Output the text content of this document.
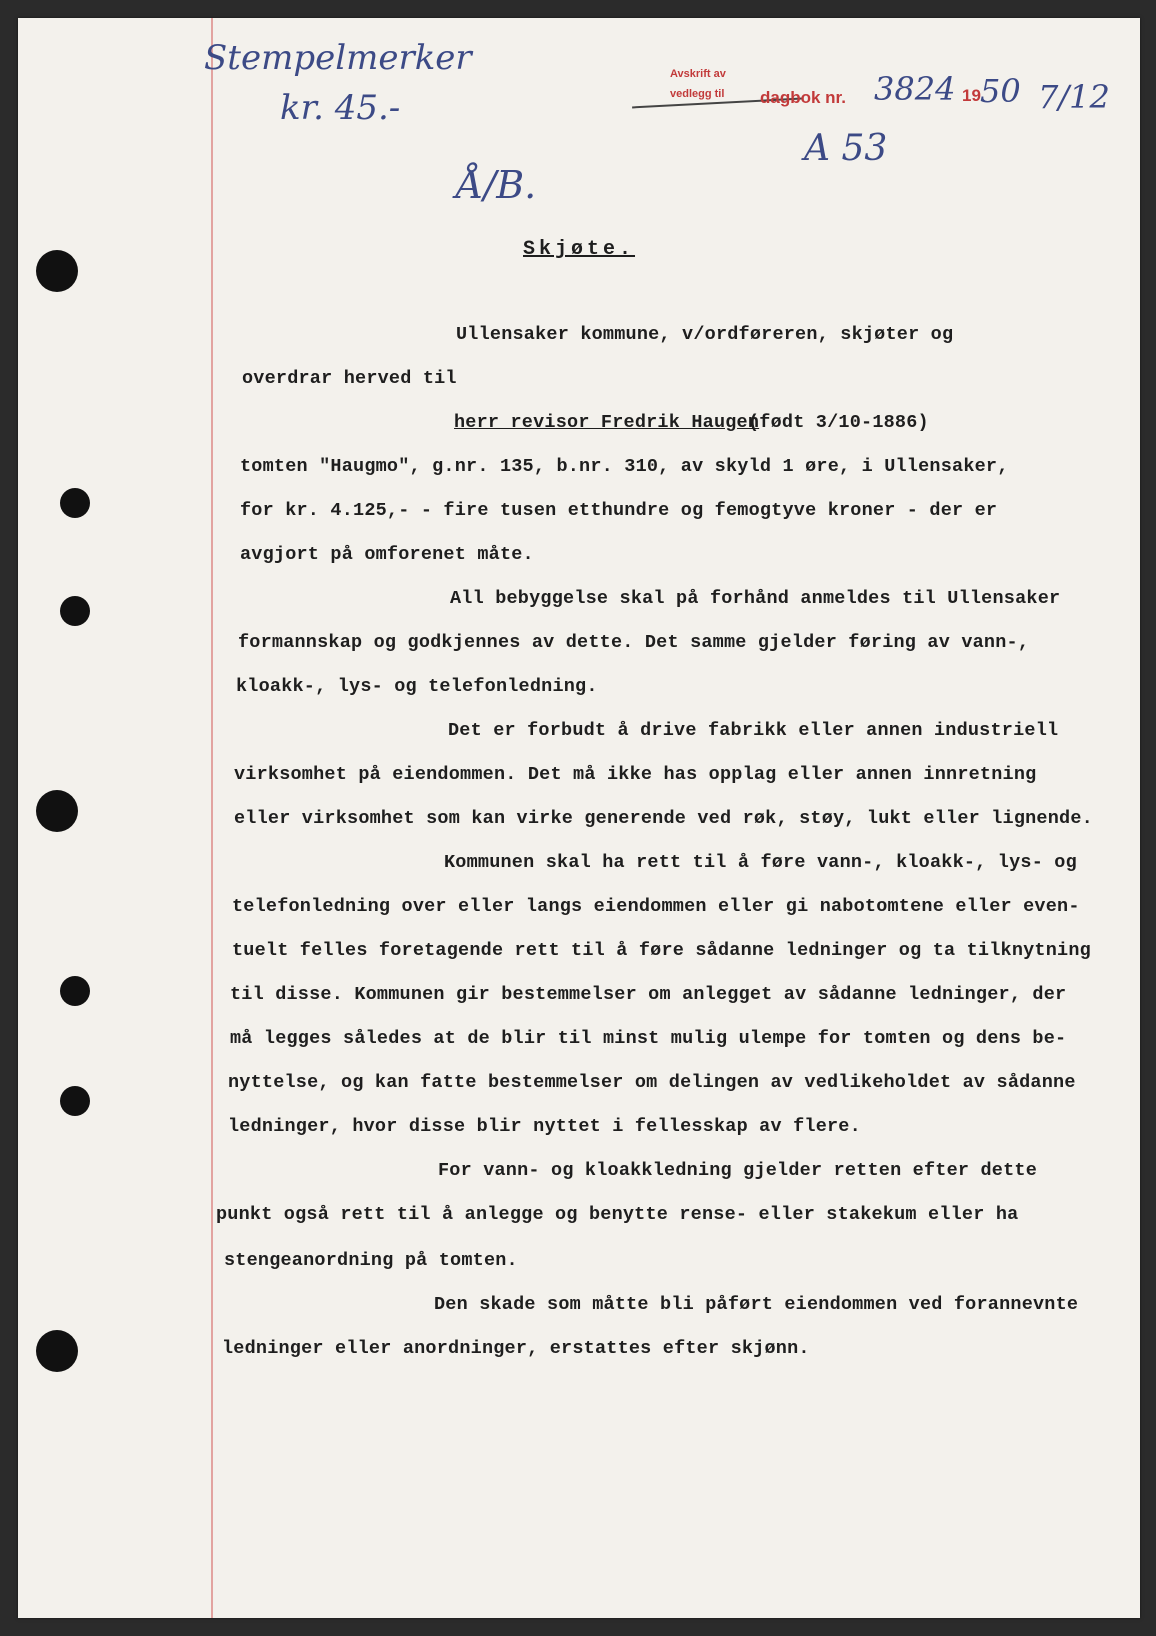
Stempelmerker
kr. 45.-
Å/B.
Avskrift av
vedlegg til dagbok nr. 3824 19 50 7/12
A 53
Skjøte.
Ullensaker kommune, v/ordføreren, skjøter og
overdrar herved til
herr revisor Fredrik Haugen
(født 3/10-1886)
tomten "Haugmo", g.nr. 135, b.nr. 310, av skyld 1 øre, i Ullensaker,
for kr. 4.125,- - fire tusen etthundre og femogtyve kroner - der er
avgjort på omforenet måte.
All bebyggelse skal på forhånd anmeldes til Ullensaker
formannskap og godkjennes av dette. Det samme gjelder føring av vann-,
kloakk-, lys- og telefonledning.
Det er forbudt å drive fabrikk eller annen industriell
virksomhet på eiendommen. Det må ikke has opplag eller annen innretning
eller virksomhet som kan virke generende ved røk, støy, lukt eller lignende.
Kommunen skal ha rett til å føre vann-, kloakk-, lys- og
telefonledning over eller langs eiendommen eller gi nabotomtene eller even-
tuelt felles foretagende rett til å føre sådanne ledninger og ta tilknytning
til disse. Kommunen gir bestemmelser om anlegget av sådanne ledninger, der
må legges således at de blir til minst mulig ulempe for tomten og dens be-
nyttelse, og kan fatte bestemmelser om delingen av vedlikeholdet av sådanne
ledninger, hvor disse blir nyttet i fellesskap av flere.
For vann- og kloakkledning gjelder retten efter dette
punkt også rett til å anlegge og benytte rense- eller stakekum eller ha
stengeanordning på tomten.
Den skade som måtte bli påført eiendommen ved forannevnte
ledninger eller anordninger, erstattes efter skjønn.
